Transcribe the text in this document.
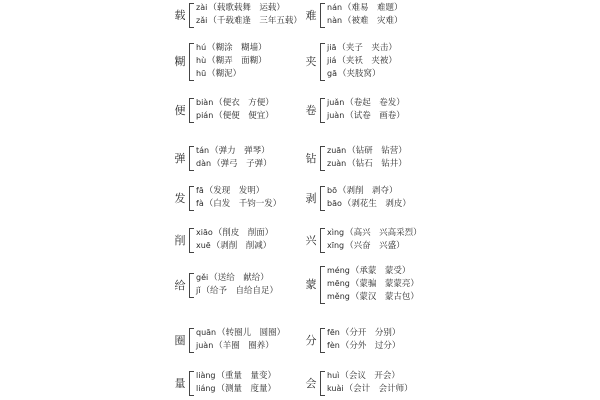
载
zài（载歌载舞　运载）
zǎi（千载难逢　三年五载）
糊
hú（糊涂　糊墙）
hù（糊弄　面糊）
hū（糊泥）
便
biàn（便衣　方便）
pián（便便　便宜）
弹
tán（弹力　弹琴）
dàn（弹弓　子弹）
发
fā（发现　发明）
fà（白发　千钧一发）
削
xiāo（削皮　削面）
xuē（剥削　削减）
给
gěi（送给　献给）
jǐ（给予　自给自足）
圈
quān（转圈儿　圆圈）
juàn（羊圈　圈养）
量
liàng（重量　量变）
liáng（测量　度量）
难
nán（难易　难题）
nàn（被难　灾难）
夹
jiā（夹子　夹击）
jiá（夹袄　夹被）
gā（夹肢窝）
卷
juǎn（卷起　卷发）
juàn（试卷　画卷）
钻
zuān（钻研　钻营）
zuàn（钻石　钻井）
剥
bō（剥削　剥夺）
bāo（剥花生　剥皮）
兴
xìng（高兴　兴高采烈）
xīng（兴奋　兴盛）
蒙
méng（承蒙　蒙受）
mēng（蒙骗　蒙蒙亮）
měng（蒙汉　蒙古包）
分
fēn（分开　分别）
fèn（分外　过分）
会
huì（会议　开会）
kuài（会计　会计师）
